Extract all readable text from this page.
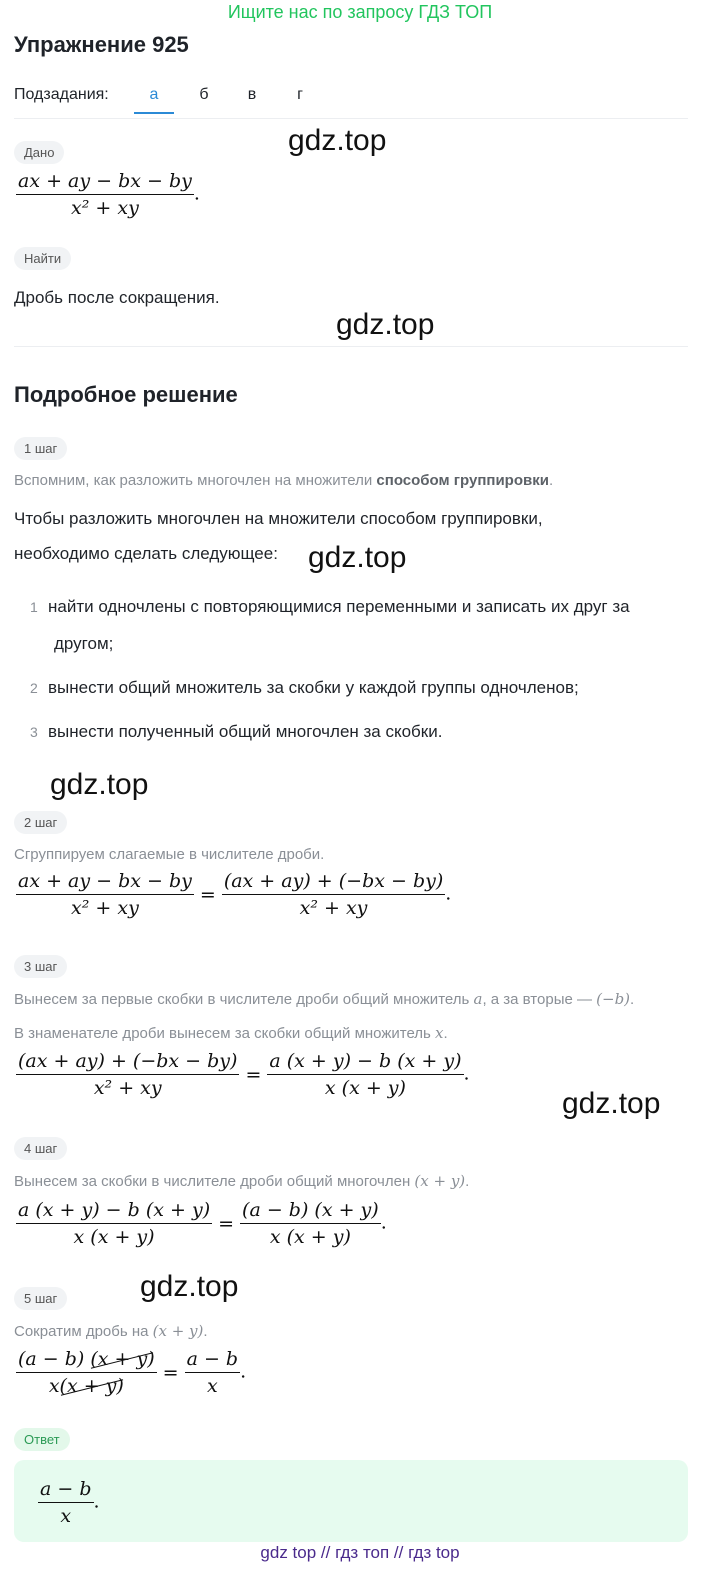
Ищите нас по запросу ГДЗ ТОП
Упражнение 925
Подзадания:	а	б	в	г
Дано	gdz.top
$\frac{ax + ay - bx - by}{\text{x² + xy}}$ .
Найти
Дробь после сокращения.
gdz.top
Подробное решение
1 шаг
Вспомним, как разложить многочлен на множители способом группировки.
Чтобы разложить многочлен на множители способом группировки,
необходимо сделать следующее: gdz.top
1 найти одночлены с повторяющимися переменными и записать их друг за
другом;
2 вынести общий множитель за скобки у каждой группы одночленов;
3 вынести полученный общий многочлен за скобки.
gdz.top
2 шаг
Сгруппируем слагаемые в числителе дроби.
$\frac{ax + ay - bx - by}{\text{x² + xy}} = \frac{(ax + ay) + (-bx - by)}{\text{x² + xy}}$ .
3 шаг
Вынесем за первые скобки в числителе дроби общий множитель a, а за вторые — (−b).
В знаменателе дроби вынесем за скобки общий множитель x.
$\frac{(ax + ay) + (-bx - by)}{\text{x² + xy}} = \frac{a (x + y) - b (x + y)}{x (x + y)}$ .
gdz.top
4 шаг
Вынесем за скобки в числителе дроби общий многочлен (x + y).
$\frac{a (x + y) - b (x + y)}{x (x + y)} = \frac{(a - b) (x + y)}{x (x + y)}$ .
gdz.top
5 шаг
Сократим дробь на (x + y).
$\frac{(a - b) (x + y)}{x(x + y)} = \frac{a - b}{x}$ .
Ответ
$\frac{a - b}{x}$ .
gdz top // гдз топ // гдз top
